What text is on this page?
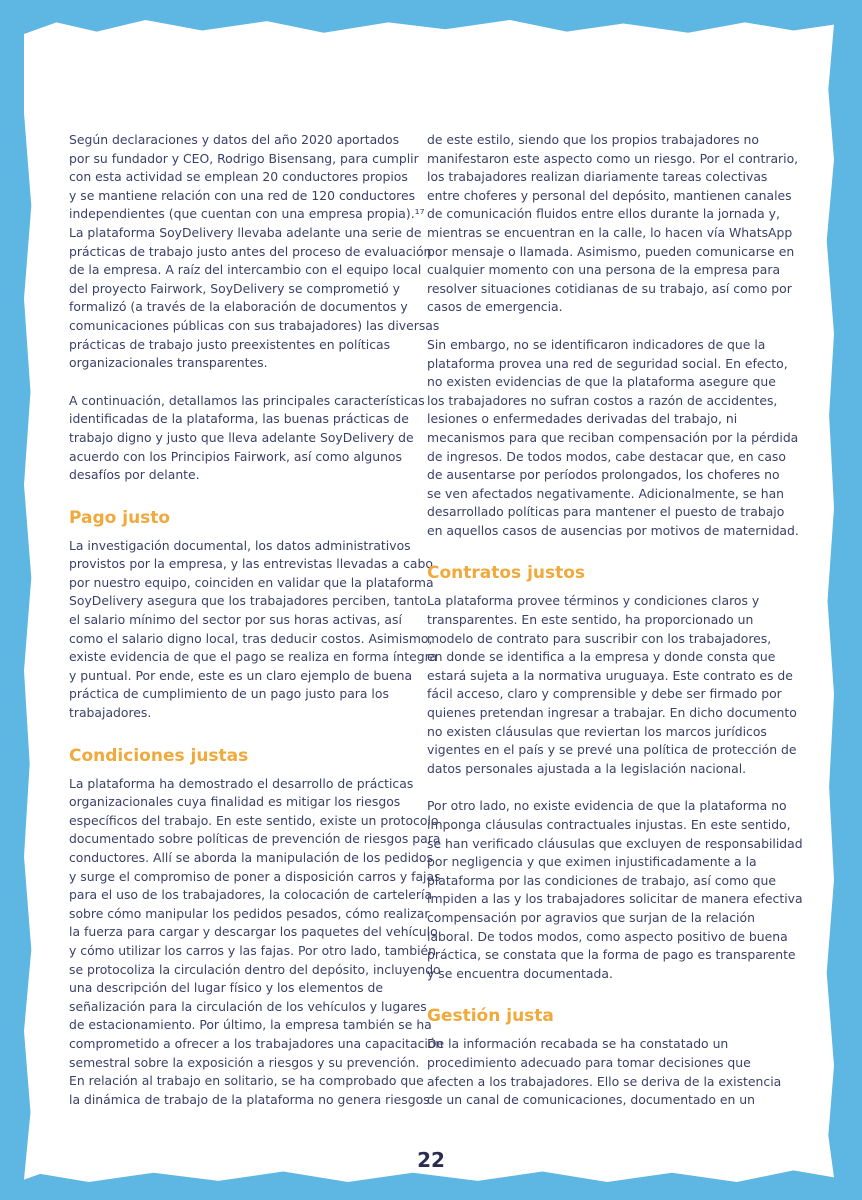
Según declaraciones y datos del año 2020 aportados
por su fundador y CEO, Rodrigo Bisensang, para cumplir
con esta actividad se emplean 20 conductores propios
y se mantiene relación con una red de 120 conductores
independientes (que cuentan con una empresa propia).¹⁷
La plataforma SoyDelivery llevaba adelante una serie de
prácticas de trabajo justo antes del proceso de evaluación
de la empresa. A raíz del intercambio con el equipo local
del proyecto Fairwork, SoyDelivery se comprometió y
formalizó (a través de la elaboración de documentos y
comunicaciones públicas con sus trabajadores) las diversas
prácticas de trabajo justo preexistentes en políticas
organizacionales transparentes.

A continuación, detallamos las principales características
identificadas de la plataforma, las buenas prácticas de
trabajo digno y justo que lleva adelante SoyDelivery de
acuerdo con los Principios Fairwork, así como algunos
desafíos por delante.

Pago justo

La investigación documental, los datos administrativos
provistos por la empresa, y las entrevistas llevadas a cabo
por nuestro equipo, coinciden en validar que la plataforma
SoyDelivery asegura que los trabajadores perciben, tanto
el salario mínimo del sector por sus horas activas, así
como el salario digno local, tras deducir costos. Asimismo,
existe evidencia de que el pago se realiza en forma íntegra
y puntual. Por ende, este es un claro ejemplo de buena
práctica de cumplimiento de un pago justo para los
trabajadores.

Condiciones justas

La plataforma ha demostrado el desarrollo de prácticas
organizacionales cuya finalidad es mitigar los riesgos
específicos del trabajo. En este sentido, existe un protocolo
documentado sobre políticas de prevención de riesgos para
conductores. Allí se aborda la manipulación de los pedidos
y surge el compromiso de poner a disposición carros y fajas
para el uso de los trabajadores, la colocación de cartelería
sobre cómo manipular los pedidos pesados, cómo realizar
la fuerza para cargar y descargar los paquetes del vehículo
y cómo utilizar los carros y las fajas. Por otro lado, también
se protocoliza la circulación dentro del depósito, incluyendo
una descripción del lugar físico y los elementos de
señalización para la circulación de los vehículos y lugares
de estacionamiento. Por último, la empresa también se ha
comprometido a ofrecer a los trabajadores una capacitación
semestral sobre la exposición a riesgos y su prevención.
En relación al trabajo en solitario, se ha comprobado que
la dinámica de trabajo de la plataforma no genera riesgos

de este estilo, siendo que los propios trabajadores no
manifestaron este aspecto como un riesgo. Por el contrario,
los trabajadores realizan diariamente tareas colectivas
entre choferes y personal del depósito, mantienen canales
de comunicación fluidos entre ellos durante la jornada y,
mientras se encuentran en la calle, lo hacen vía WhatsApp
por mensaje o llamada. Asimismo, pueden comunicarse en
cualquier momento con una persona de la empresa para
resolver situaciones cotidianas de su trabajo, así como por
casos de emergencia.

Sin embargo, no se identificaron indicadores de que la
plataforma provea una red de seguridad social. En efecto,
no existen evidencias de que la plataforma asegure que
los trabajadores no sufran costos a razón de accidentes,
lesiones o enfermedades derivadas del trabajo, ni
mecanismos para que reciban compensación por la pérdida
de ingresos. De todos modos, cabe destacar que, en caso
de ausentarse por períodos prolongados, los choferes no
se ven afectados negativamente. Adicionalmente, se han
desarrollado políticas para mantener el puesto de trabajo
en aquellos casos de ausencias por motivos de maternidad.

Contratos justos

La plataforma provee términos y condiciones claros y
transparentes. En este sentido, ha proporcionado un
modelo de contrato para suscribir con los trabajadores,
en donde se identifica a la empresa y donde consta que
estará sujeta a la normativa uruguaya. Este contrato es de
fácil acceso, claro y comprensible y debe ser firmado por
quienes pretendan ingresar a trabajar. En dicho documento
no existen cláusulas que reviertan los marcos jurídicos
vigentes en el país y se prevé una política de protección de
datos personales ajustada a la legislación nacional.

Por otro lado, no existe evidencia de que la plataforma no
imponga cláusulas contractuales injustas. En este sentido,
se han verificado cláusulas que excluyen de responsabilidad
por negligencia y que eximen injustificadamente a la
plataforma por las condiciones de trabajo, así como que
impiden a las y los trabajadores solicitar de manera efectiva
compensación por agravios que surjan de la relación
laboral. De todos modos, como aspecto positivo de buena
práctica, se constata que la forma de pago es transparente
y se encuentra documentada.

Gestión justa

De la información recabada se ha constatado un
procedimiento adecuado para tomar decisiones que
afecten a los trabajadores. Ello se deriva de la existencia
de un canal de comunicaciones, documentado en un

22
